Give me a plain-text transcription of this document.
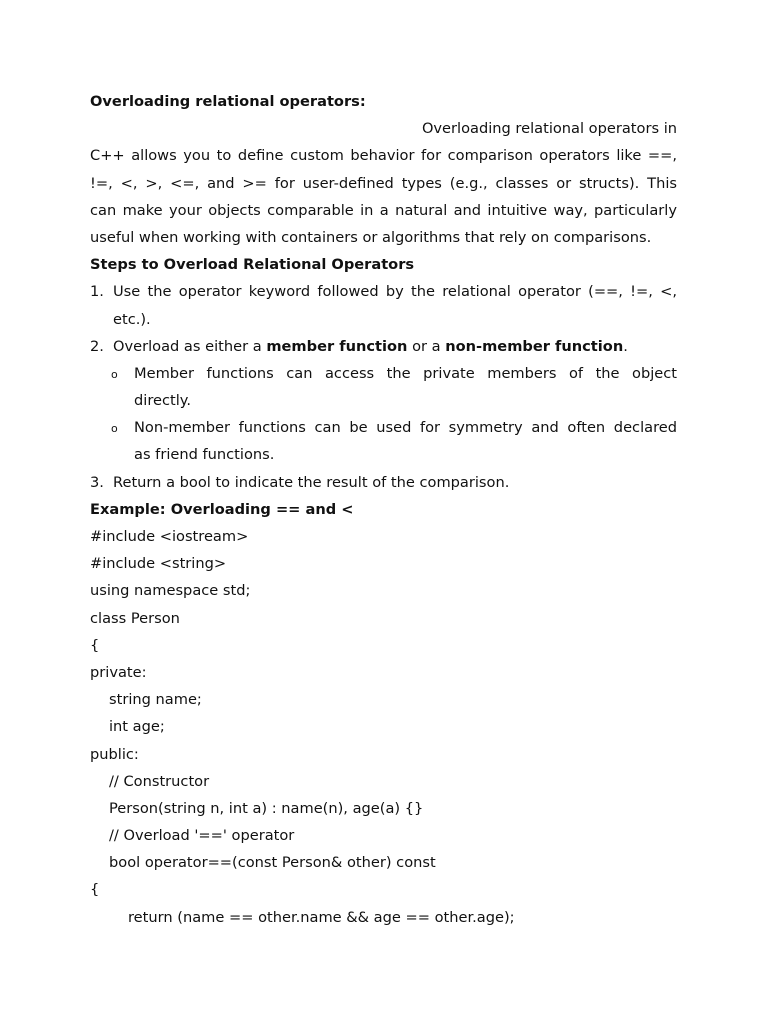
Overloading relational operators:
Overloading relational operators in
C++ allows you to define custom behavior for comparison operators like ==,
!=, <, >, <=, and >= for user-defined types (e.g., classes or structs). This
can make your objects comparable in a natural and intuitive way, particularly
useful when working with containers or algorithms that rely on comparisons.
Steps to Overload Relational Operators
1. Use the operator keyword followed by the relational operator (==, !=, <,
etc.).
2. Overload as either a member function or a non-member function.
o Member functions can access the private members of the object
directly.
o Non-member functions can be used for symmetry and often declared
as friend functions.
3. Return a bool to indicate the result of the comparison.
Example: Overloading == and <
#include <iostream>
#include <string>
using namespace std;
class Person
{
private:
string name;
int age;
public:
// Constructor
Person(string n, int a) : name(n), age(a) {}
// Overload '==' operator
bool operator==(const Person& other) const
{
return (name == other.name && age == other.age);
